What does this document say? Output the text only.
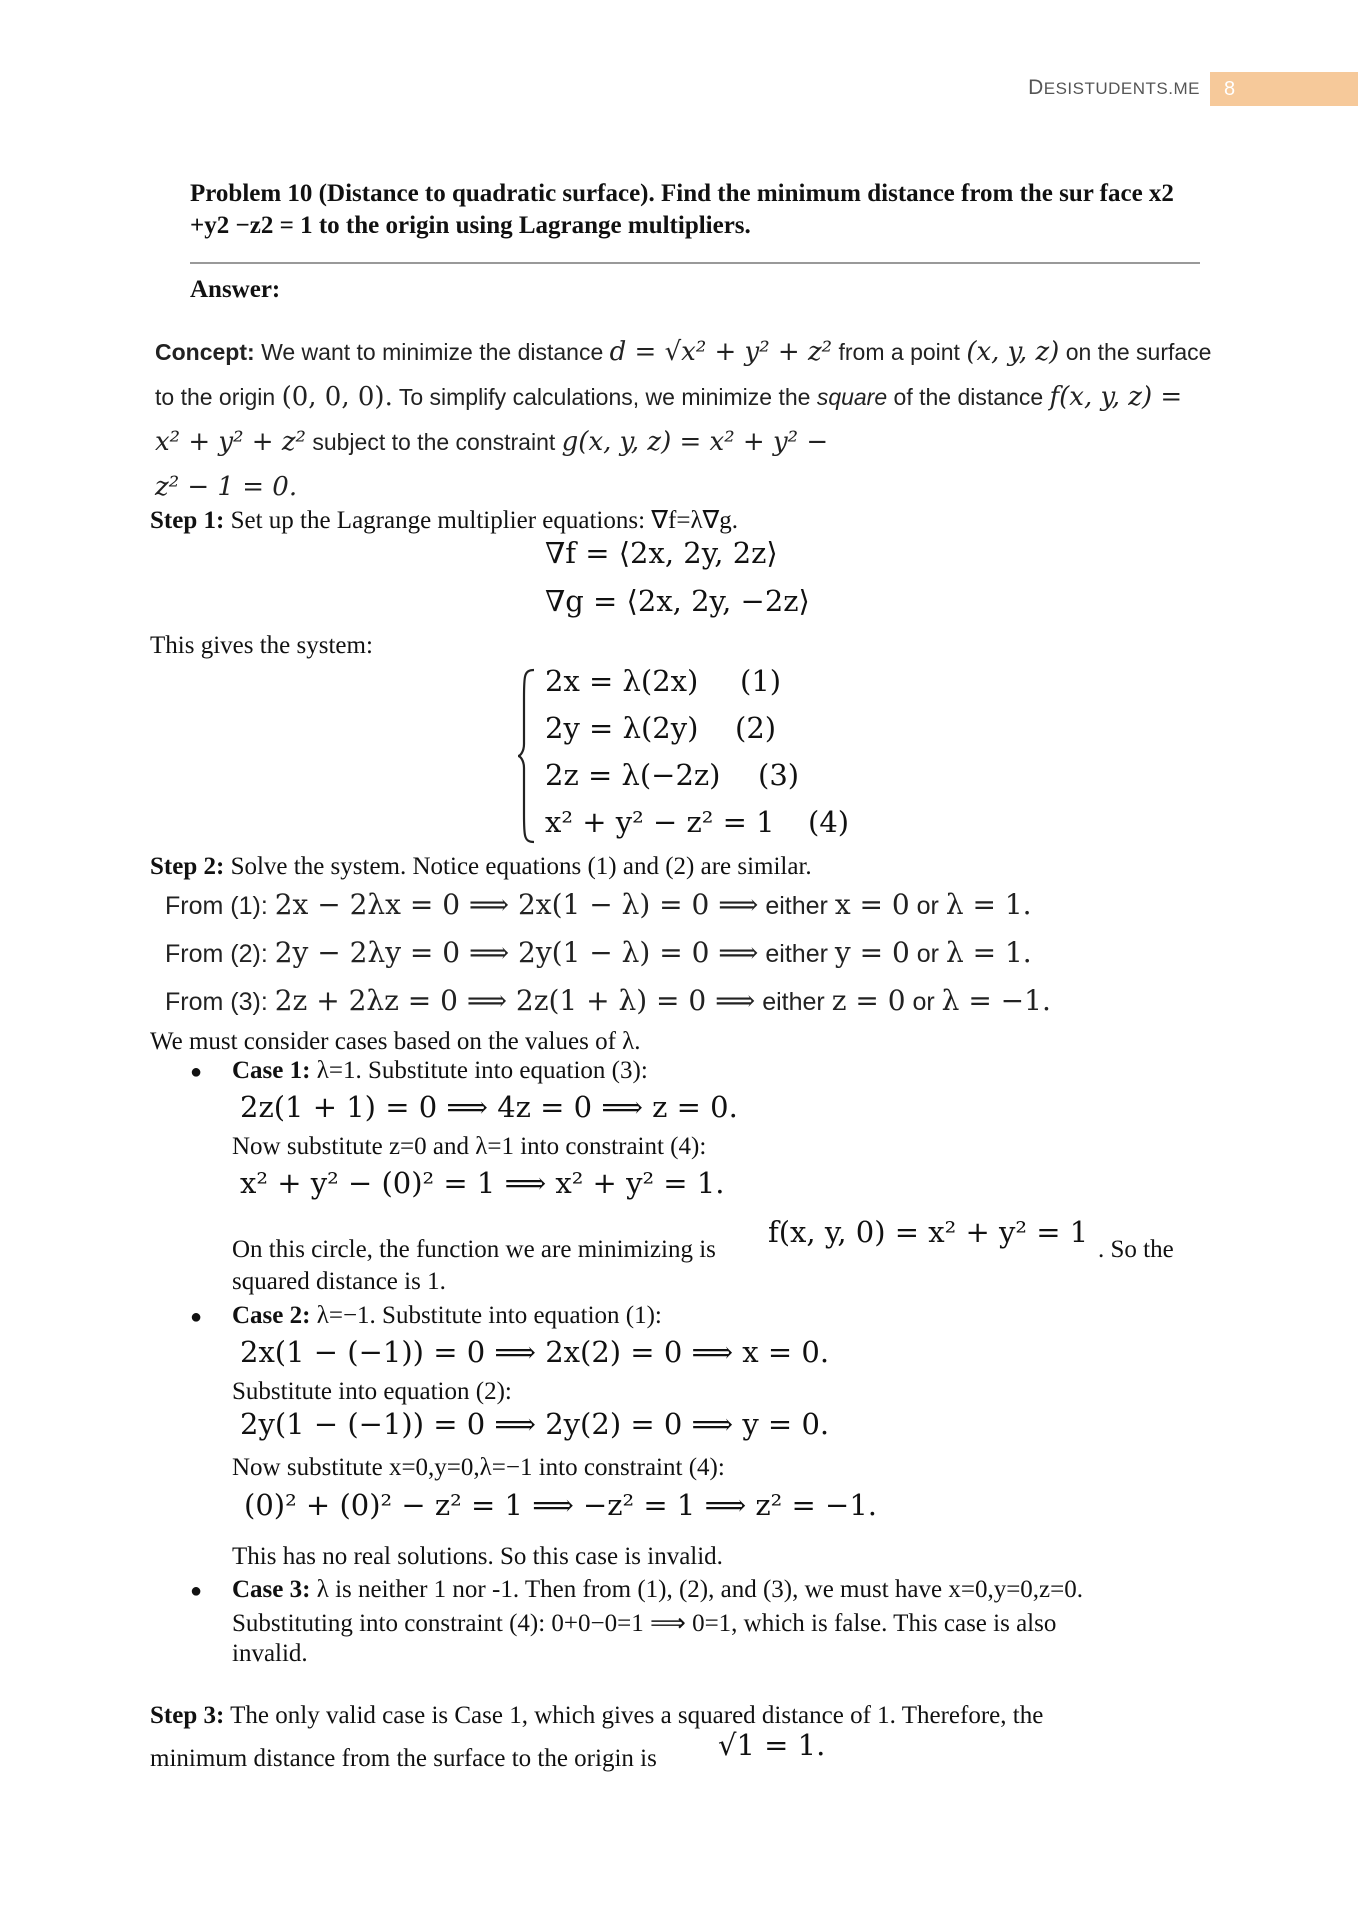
DESISTUDENTS.ME	8
Problem 10 (Distance to quadratic surface). Find the minimum distance from the sur face x2 +y2 −z2 = 1 to the origin using Lagrange multipliers.
Answer:
Concept: We want to minimize the distance d = √x² + y² + z² from a point (x, y, z) on the surface to the origin (0, 0, 0). To simplify calculations, we minimize the square of the distance f(x, y, z) = x² + y² + z² subject to the constraint g(x, y, z) = x² + y² −
z² − 1 = 0.
Step 1: Set up the Lagrange multiplier equations: ∇f=λ∇g.
∇f = ⟨2x, 2y, 2z⟩
∇g = ⟨2x, 2y, −2z⟩
This gives the system:
2x = λ(2x) (1)
2y = λ(2y) (2)
2z = λ(−2z) (3)
x² + y² − z² = 1 (4)
Step 2: Solve the system. Notice equations (1) and (2) are similar.
From (1): 2x − 2λx = 0 ⟹ 2x(1 − λ) = 0 ⟹ either x = 0 or λ = 1.
From (2): 2y − 2λy = 0 ⟹ 2y(1 − λ) = 0 ⟹ either y = 0 or λ = 1.
From (3): 2z + 2λz = 0 ⟹ 2z(1 + λ) = 0 ⟹ either z = 0 or λ = −1.
We must consider cases based on the values of λ.
● Case 1: λ=1. Substitute into equation (3):
2z(1 + 1) = 0 ⟹ 4z = 0 ⟹ z = 0.
Now substitute z=0 and λ=1 into constraint (4):
x² + y² − (0)² = 1 ⟹ x² + y² = 1.
On this circle, the function we are minimizing is
f(x, y, 0) = x² + y² = 1
. So the
squared distance is 1.
● Case 2: λ=−1. Substitute into equation (1):
2x(1 − (−1)) = 0 ⟹ 2x(2) = 0 ⟹ x = 0.
Substitute into equation (2):
2y(1 − (−1)) = 0 ⟹ 2y(2) = 0 ⟹ y = 0.
Now substitute x=0,y=0,λ=−1 into constraint (4):
(0)² + (0)² − z² = 1 ⟹ −z² = 1 ⟹ z² = −1.
This has no real solutions. So this case is invalid.
● Case 3: λ is neither 1 nor -1. Then from (1), (2), and (3), we must have x=0,y=0,z=0.
Substituting into constraint (4): 0+0−0=1 ⟹ 0=1, which is false. This case is also
invalid.
Step 3: The only valid case is Case 1, which gives a squared distance of 1. Therefore, the
minimum distance from the surface to the origin is √1 = 1.
